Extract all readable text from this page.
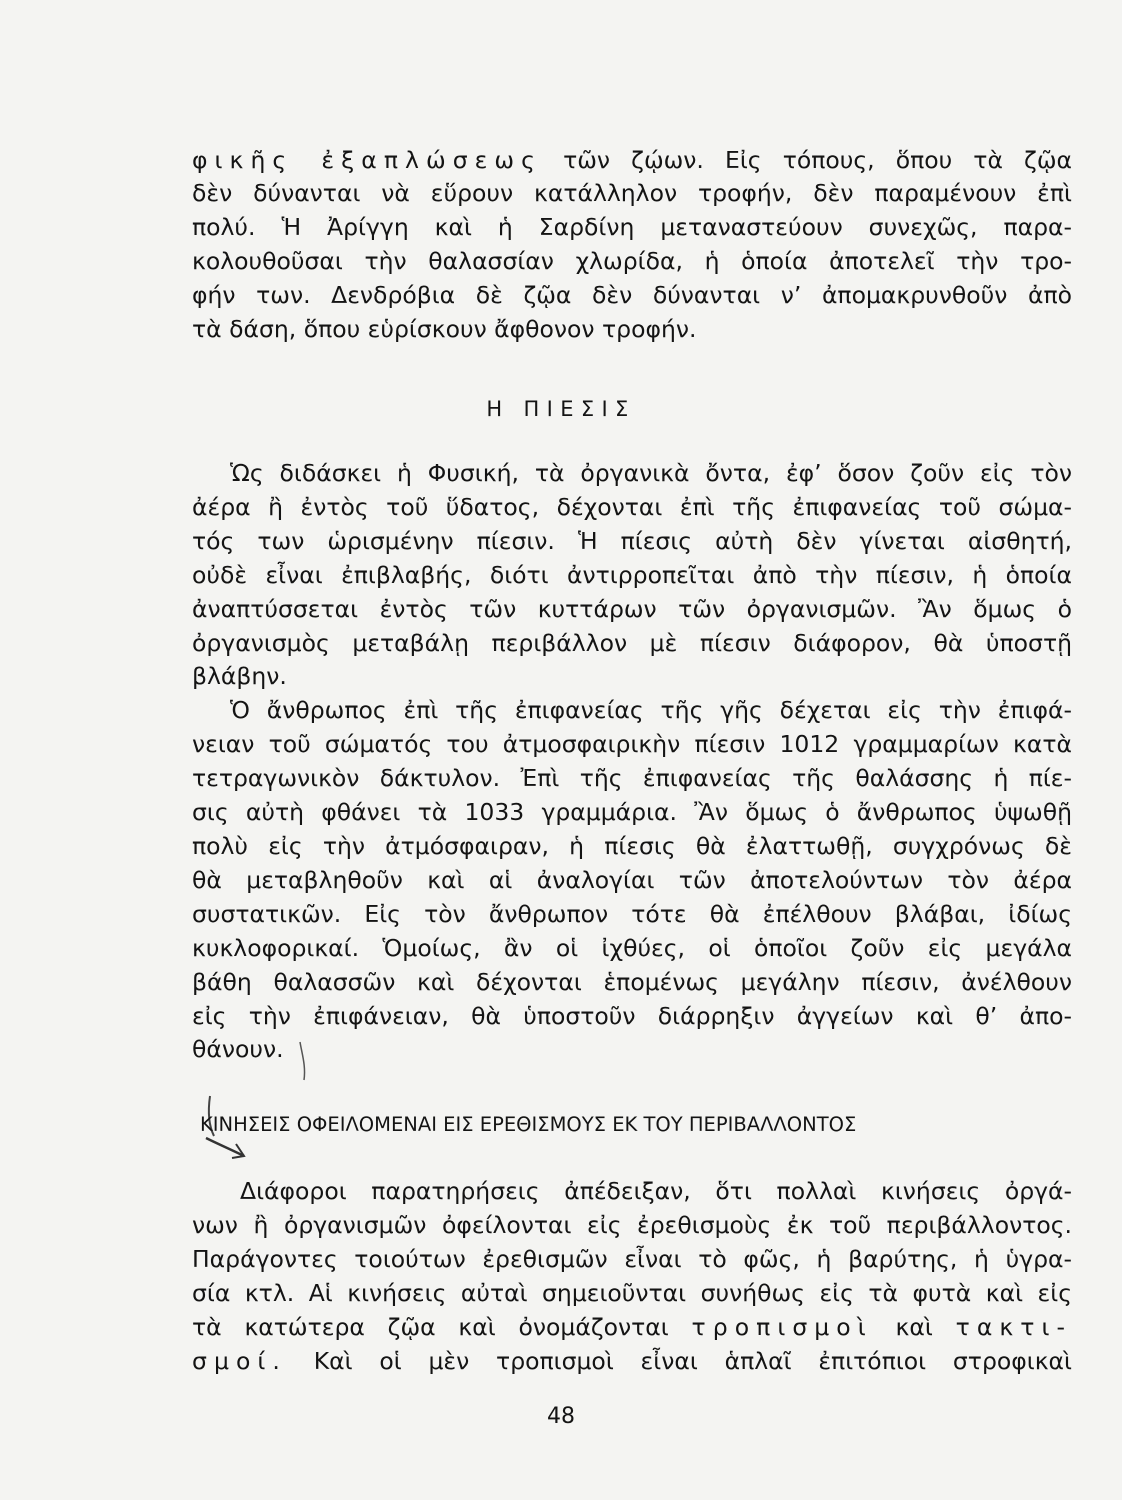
φικῆς ἐξαπλώσεως τῶν ζῴων. Εἰς τόπους, ὅπου τὰ ζῷα
δὲν δύνανται νὰ εὕρουν κατάλληλον τροφήν, δὲν παραμένουν ἐπὶ
πολύ. Ἡ Ἀρίγγη καὶ ἡ Σαρδίνη μεταναστεύουν συνεχῶς, παρα-
κολουθοῦσαι τὴν θαλασσίαν χλωρίδα, ἡ ὁποία ἀποτελεῖ τὴν τρο-
φήν των. Δενδρόβια δὲ ζῷα δὲν δύνανται ν’ ἀπομακρυνθοῦν ἀπὸ
τὰ δάση, ὅπου εὑρίσκουν ἄφθονον τροφήν.
Η ΠΙΕΣΙΣ
Ὡς διδάσκει ἡ Φυσική, τὰ ὀργανικὰ ὄντα, ἐφ’ ὅσον ζοῦν εἰς τὸν
ἀέρα ἢ ἐντὸς τοῦ ὕδατος, δέχονται ἐπὶ τῆς ἐπιφανείας τοῦ σώμα-
τός των ὡρισμένην πίεσιν. Ἡ πίεσις αὐτὴ δὲν γίνεται αἰσθητή,
οὐδὲ εἶναι ἐπιβλαβής, διότι ἀντιρροπεῖται ἀπὸ τὴν πίεσιν, ἡ ὁποία
ἀναπτύσσεται ἐντὸς τῶν κυττάρων τῶν ὀργανισμῶν. Ἂν ὅμως ὁ
ὀργανισμὸς μεταβάλῃ περιβάλλον μὲ πίεσιν διάφορον, θὰ ὑποστῇ
βλάβην.
Ὁ ἄνθρωπος ἐπὶ τῆς ἐπιφανείας τῆς γῆς δέχεται εἰς τὴν ἐπιφά-
νειαν τοῦ σώματός του ἀτμοσφαιρικὴν πίεσιν 1012 γραμμαρίων κατὰ
τετραγωνικὸν δάκτυλον. Ἐπὶ τῆς ἐπιφανείας τῆς θαλάσσης ἡ πίε-
σις αὐτὴ φθάνει τὰ 1033 γραμμάρια. Ἂν ὅμως ὁ ἄνθρωπος ὑψωθῇ
πολὺ εἰς τὴν ἀτμόσφαιραν, ἡ πίεσις θὰ ἐλαττωθῇ, συγχρόνως δὲ
θὰ μεταβληθοῦν καὶ αἱ ἀναλογίαι τῶν ἀποτελούντων τὸν ἀέρα
συστατικῶν. Εἰς τὸν ἄνθρωπον τότε θὰ ἐπέλθουν βλάβαι, ἰδίως
κυκλοφορικαί. Ὁμοίως, ἂν οἱ ἰχθύες, οἱ ὁποῖοι ζοῦν εἰς μεγάλα
βάθη θαλασσῶν καὶ δέχονται ἑπομένως μεγάλην πίεσιν, ἀνέλθουν
εἰς τὴν ἐπιφάνειαν, θὰ ὑποστοῦν διάρρηξιν ἀγγείων καὶ θ’ ἀπο-
θάνουν.
ΚΙΝΗΣΕΙΣ ΟΦΕΙΛΟΜΕΝΑΙ ΕΙΣ ΕΡΕΘΙΣΜΟΥΣ ΕΚ ΤΟΥ ΠΕΡΙΒΑΛΛΟΝΤΟΣ
Διάφοροι παρατηρήσεις ἀπέδειξαν, ὅτι πολλαὶ κινήσεις ὀργά-
νων ἢ ὀργανισμῶν ὀφείλονται εἰς ἐρεθισμοὺς ἐκ τοῦ περιβάλλοντος.
Παράγοντες τοιούτων ἐρεθισμῶν εἶναι τὸ φῶς, ἡ βαρύτης, ἡ ὑγρα-
σία κτλ. Αἱ κινήσεις αὐταὶ σημειοῦνται συνήθως εἰς τὰ φυτὰ καὶ εἰς
τὰ κατώτερα ζῷα καὶ ὀνομάζονται τροπισμοὶ καὶ τακτι-
σμοί. Καὶ οἱ μὲν τροπισμοὶ εἶναι ἁπλαῖ ἐπιτόπιοι στροφικαὶ
48
